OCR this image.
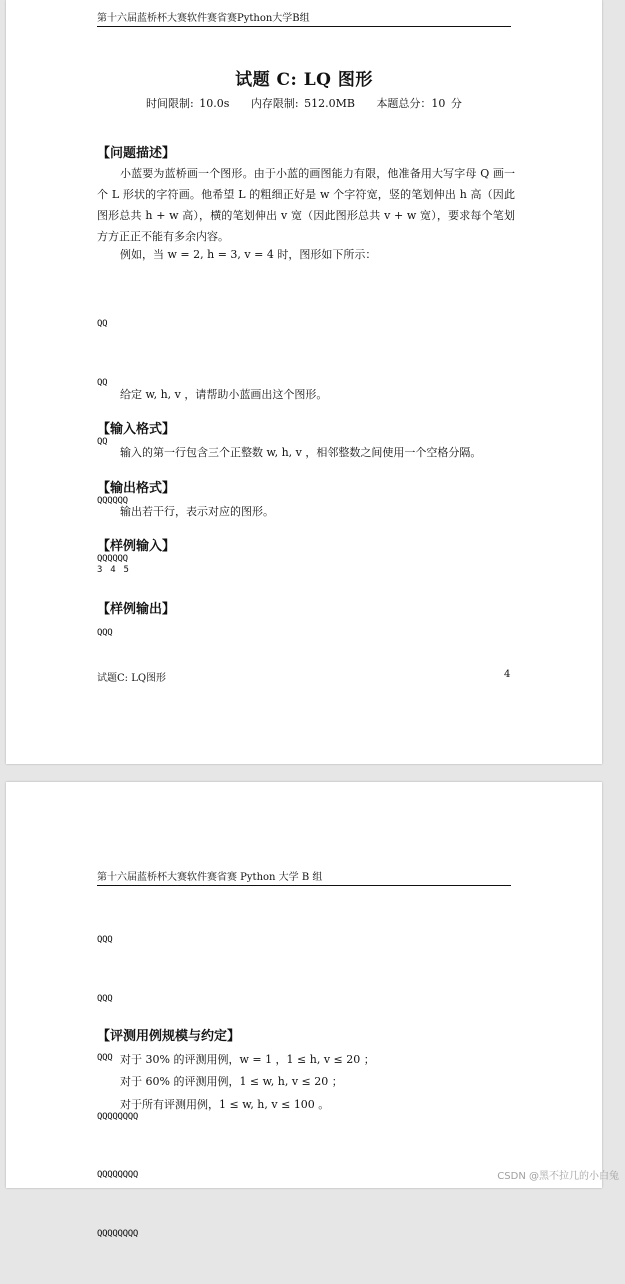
第十六届蓝桥杯大赛软件赛省赛Python大学B组
试题 C: LQ 图形
时间限制: 10.0s 内存限制: 512.0MB 本题总分：10 分
【问题描述】
小蓝要为蓝桥画一个图形。由于小蓝的画图能力有限，他准备用大写字母 Q 画一个 L 形状的字符画。他希望 L 的粗细正好是 w 个字符宽，竖的笔划伸出 h 高（因此图形总共 h + w 高），横的笔划伸出 v 宽（因此图形总共 v + w 宽），要求每个笔划方方正正不能有多余内容。
例如，当 w = 2, h = 3, v = 4 时，图形如下所示：

QQ

QQ

QQ

QQQQQQ

QQQQQQ

给定 w, h, v ，请帮助小蓝画出这个图形。
【输入格式】
输入的第一行包含三个正整数 w, h, v ，相邻整数之间使用一个空格分隔。
【输出格式】
输出若干行，表示对应的图形。
【样例输入】
3 4 5
【样例输出】
QQQ
试题C: LQ图形	4
第十六届蓝桥杯大赛软件赛省赛 Python 大学 B 组

QQQ

QQQ

QQQ

QQQQQQQQ

QQQQQQQQ

QQQQQQQQ

【评测用例规模与约定】
对于 30% 的评测用例，w = 1 ，1 ≤ h, v ≤ 20 ；
对于 60% 的评测用例，1 ≤ w, h, v ≤ 20 ；
对于所有评测用例，1 ≤ w, h, v ≤ 100 。
CSDN @黑不拉几的小白兔
